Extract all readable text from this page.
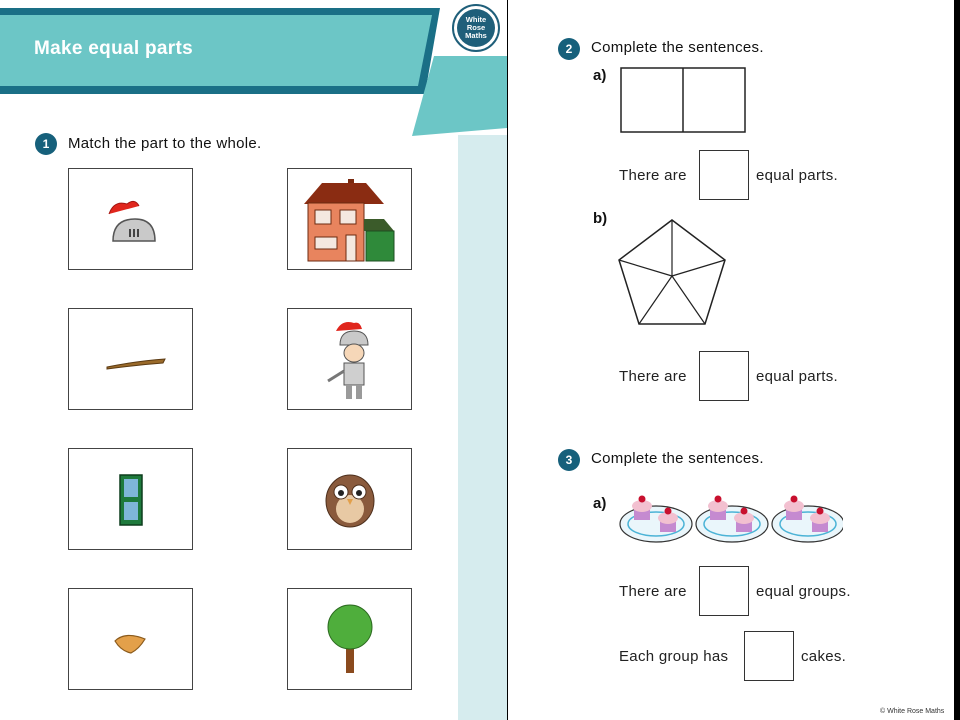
Make equal parts
White
Rose
Maths
1	Match the part to the whole.
2	Complete the sentences.
a)
There are	equal parts.
b)
There are	equal parts.
3	Complete the sentences.
a)
There are	equal groups.
Each group has	cakes.
© White Rose Maths
